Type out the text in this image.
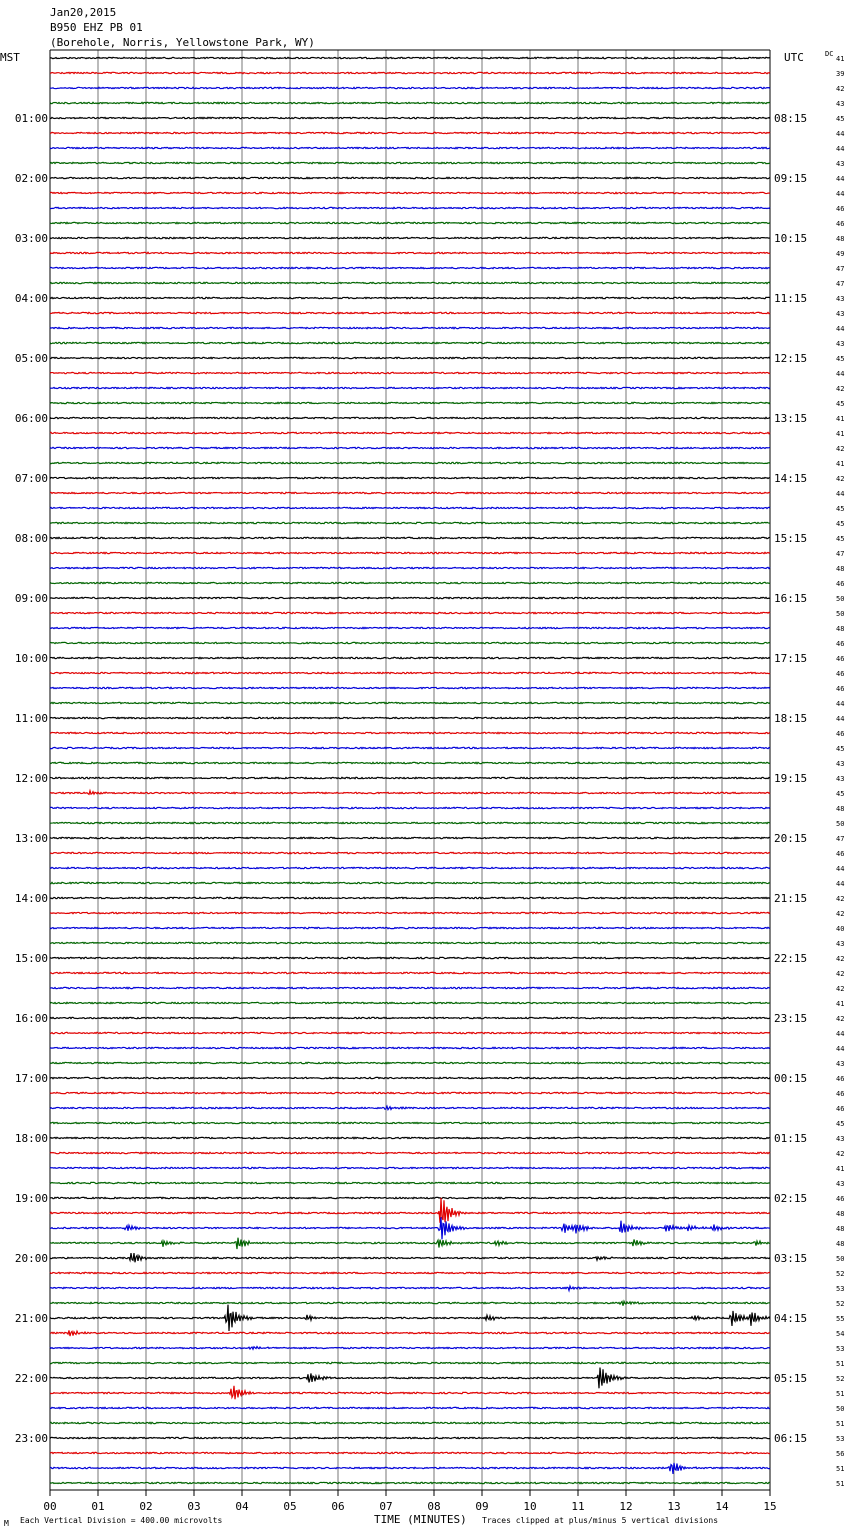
Jan20,2015
B950 EHZ PB 01
(Borehole, Norris, Yellowstone Park, WY)
MST	UTC	DC
41
39
42
43
01:00	08:15	45
44
44
43
02:00	09:15	44
44
46
46
03:00	10:15	48
49
47
47
04:00	11:15	43
43
44
43
05:00	12:15	45
44
42
45
06:00	13:15	41
41
42
41
07:00	14:15	42
44
45
45
08:00	15:15	45
47
48
46
09:00	16:15	50
50
48
46
10:00	17:15	46
46
46
44
11:00	18:15	44
46
45
43
12:00	19:15	43
45
48
50
13:00	20:15	47
46
44
44
14:00	21:15	42
42
40
43
15:00	22:15	42
42
42
41
16:00	23:15	42
44
44
43
17:00	00:15	46
46
46
45
18:00	01:15	43
42
41
43
19:00	02:15	46
48
48
48
20:00	03:15	50
52
53
52
21:00	04:15	55
54
53
51
22:00	05:15	52
51
50
51
23:00	06:15	53
56
51
51
00	01	02	03	04	05	06	07	08	09	10	11	12	13	14	15
M Each Vertical Division = 400.00 microvolts	TIME (MINUTES) Traces clipped at plus/minus 5 vertical divisions
